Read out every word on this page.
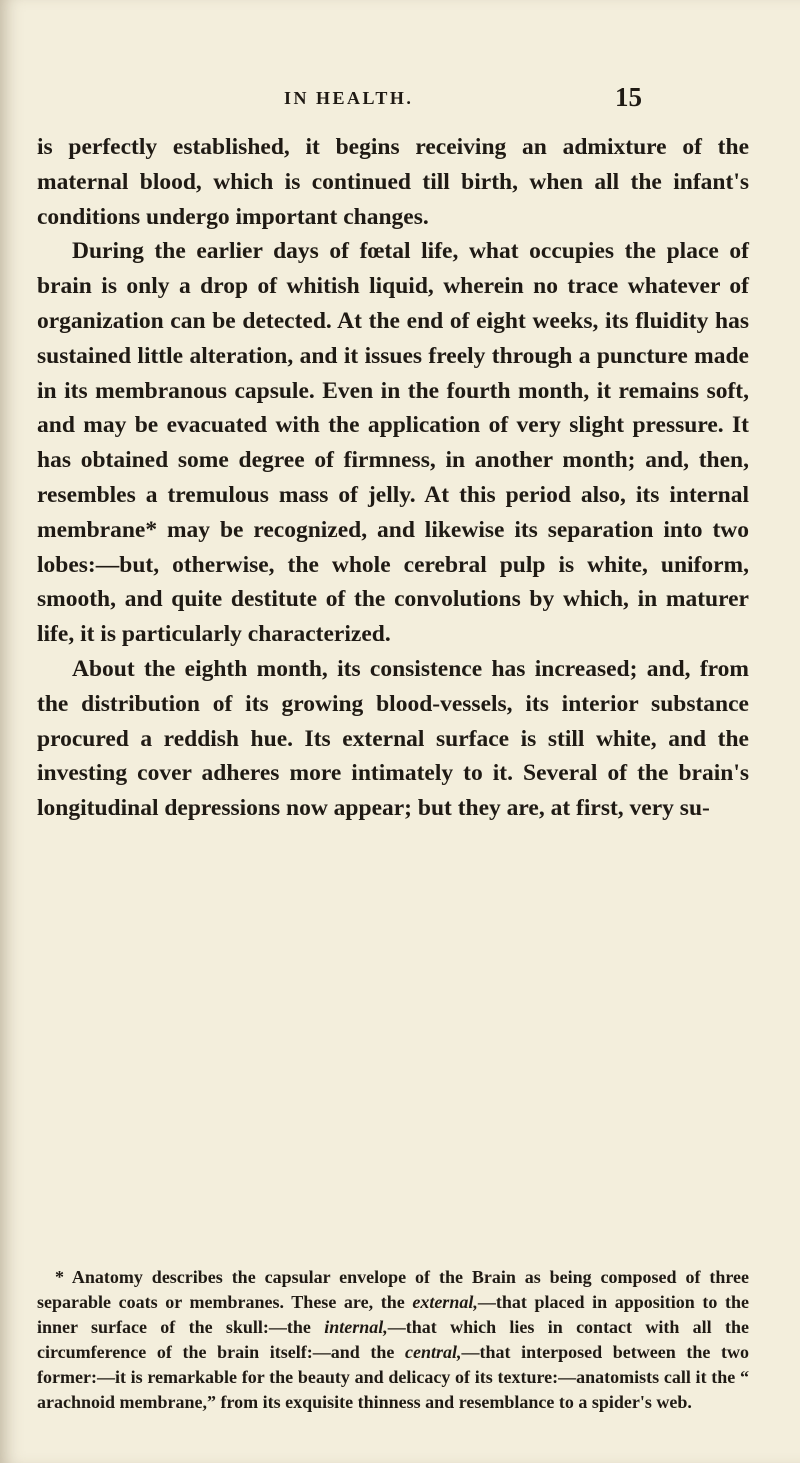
IN HEALTH.	15

is perfectly established, it begins receiving an admixture of the maternal blood, which is continued till birth, when all the infant's conditions undergo important changes.

During the earlier days of fœtal life, what occupies the place of brain is only a drop of whitish liquid, wherein no trace whatever of organization can be detected. At the end of eight weeks, its fluidity has sustained little alteration, and it issues freely through a puncture made in its membranous capsule. Even in the fourth month, it remains soft, and may be evacuated with the application of very slight pressure. It has obtained some degree of firmness, in another month; and, then, resembles a tremulous mass of jelly. At this period also, its internal membrane* may be recognized, and likewise its separation into two lobes:—but, otherwise, the whole cerebral pulp is white, uniform, smooth, and quite destitute of the convolutions by which, in maturer life, it is particularly characterized.

About the eighth month, its consistence has increased; and, from the distribution of its growing blood-vessels, its interior substance procured a reddish hue. Its external surface is still white, and the investing cover adheres more intimately to it. Several of the brain's longitudinal depressions now appear; but they are, at first, very su-

* Anatomy describes the capsular envelope of the Brain as being composed of three separable coats or membranes. These are, the external,—that placed in apposition to the inner surface of the skull:—the internal,—that which lies in contact with all the circumference of the brain itself:—and the central,—that interposed between the two former:—it is remarkable for the beauty and delicacy of its texture:—anatomists call it the “ arachnoid membrane,” from its exquisite thinness and resemblance to a spider's web.
